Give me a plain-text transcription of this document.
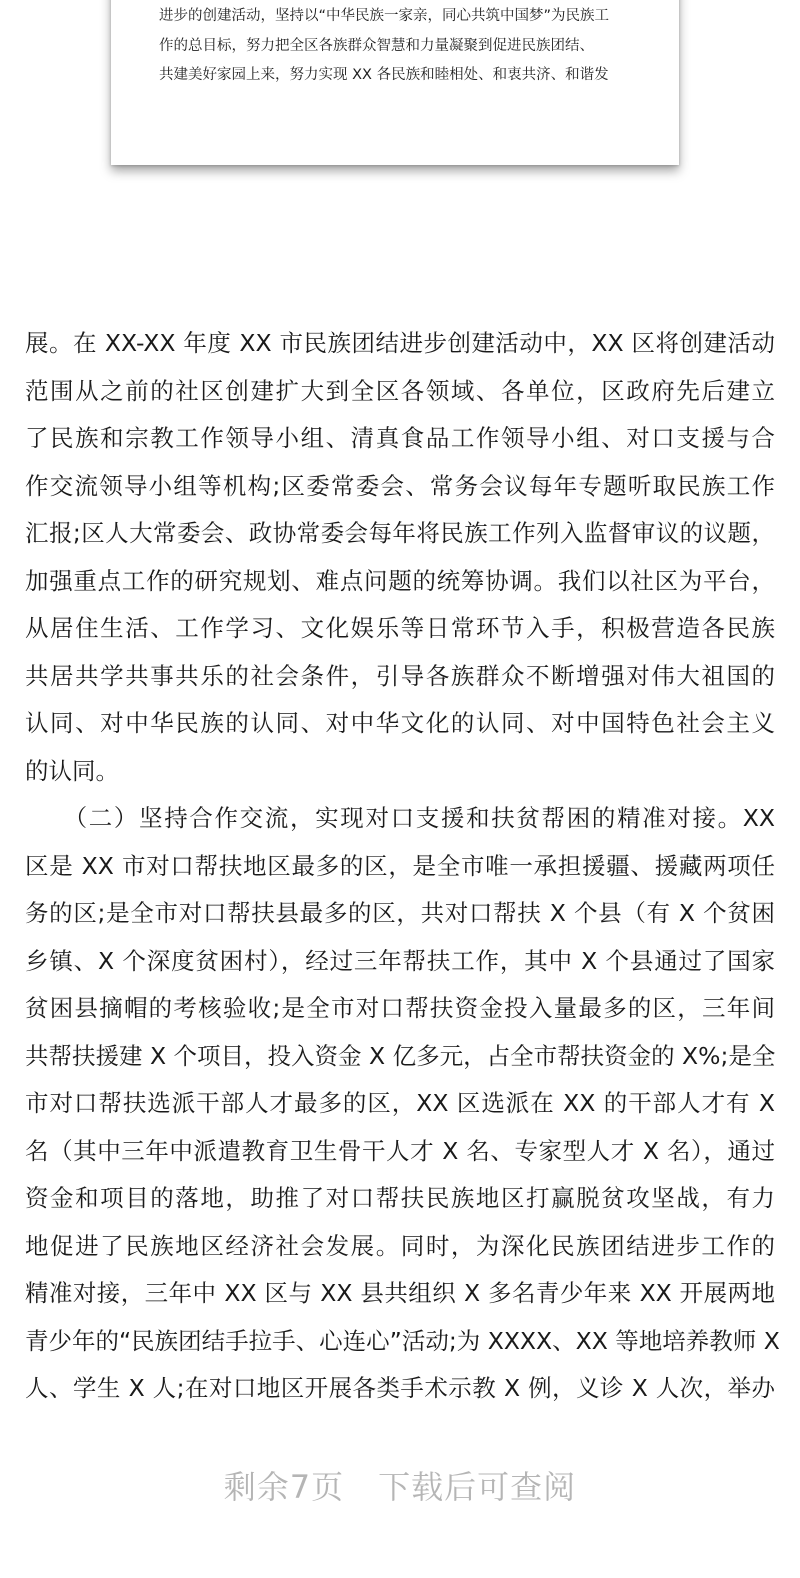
进步的创建活动，坚持以“中华民族一家亲，同心共筑中国梦”为民族工
作的总目标，努力把全区各族群众智慧和力量凝聚到促进民族团结、
共建美好家园上来，努力实现 XX 各民族和睦相处、和衷共济、和谐发
展。在 XX-XX 年度 XX 市民族团结进步创建活动中，XX 区将创建活动
范围从之前的社区创建扩大到全区各领域、各单位，区政府先后建立
了民族和宗教工作领导小组、清真食品工作领导小组、对口支援与合
作交流领导小组等机构;区委常委会、常务会议每年专题听取民族工作
汇报;区人大常委会、政协常委会每年将民族工作列入监督审议的议题，
加强重点工作的研究规划、难点问题的统筹协调。我们以社区为平台，
从居住生活、工作学习、文化娱乐等日常环节入手，积极营造各民族
共居共学共事共乐的社会条件，引导各族群众不断增强对伟大祖国的
认同、对中华民族的认同、对中华文化的认同、对中国特色社会主义
的认同。
　　（二）坚持合作交流，实现对口支援和扶贫帮困的精准对接。XX
区是 XX 市对口帮扶地区最多的区，是全市唯一承担援疆、援藏两项任
务的区;是全市对口帮扶县最多的区，共对口帮扶 X 个县（有 X 个贫困
乡镇、X 个深度贫困村），经过三年帮扶工作，其中 X 个县通过了国家
贫困县摘帽的考核验收;是全市对口帮扶资金投入量最多的区，三年间
共帮扶援建 X 个项目，投入资金 X 亿多元，占全市帮扶资金的 X%;是全
市对口帮扶选派干部人才最多的区，XX 区选派在 XX 的干部人才有 X
名（其中三年中派遣教育卫生骨干人才 X 名、专家型人才 X 名），通过
资金和项目的落地，助推了对口帮扶民族地区打赢脱贫攻坚战，有力
地促进了民族地区经济社会发展。同时，为深化民族团结进步工作的
精准对接，三年中 XX 区与 XX 县共组织 X 多名青少年来 XX 开展两地
青少年的“民族团结手拉手、心连心”活动;为 XXXX、XX 等地培养教师 X
人、学生 X 人;在对口地区开展各类手术示教 X 例，义诊 X 人次，举办
剩余7页 下载后可查阅
